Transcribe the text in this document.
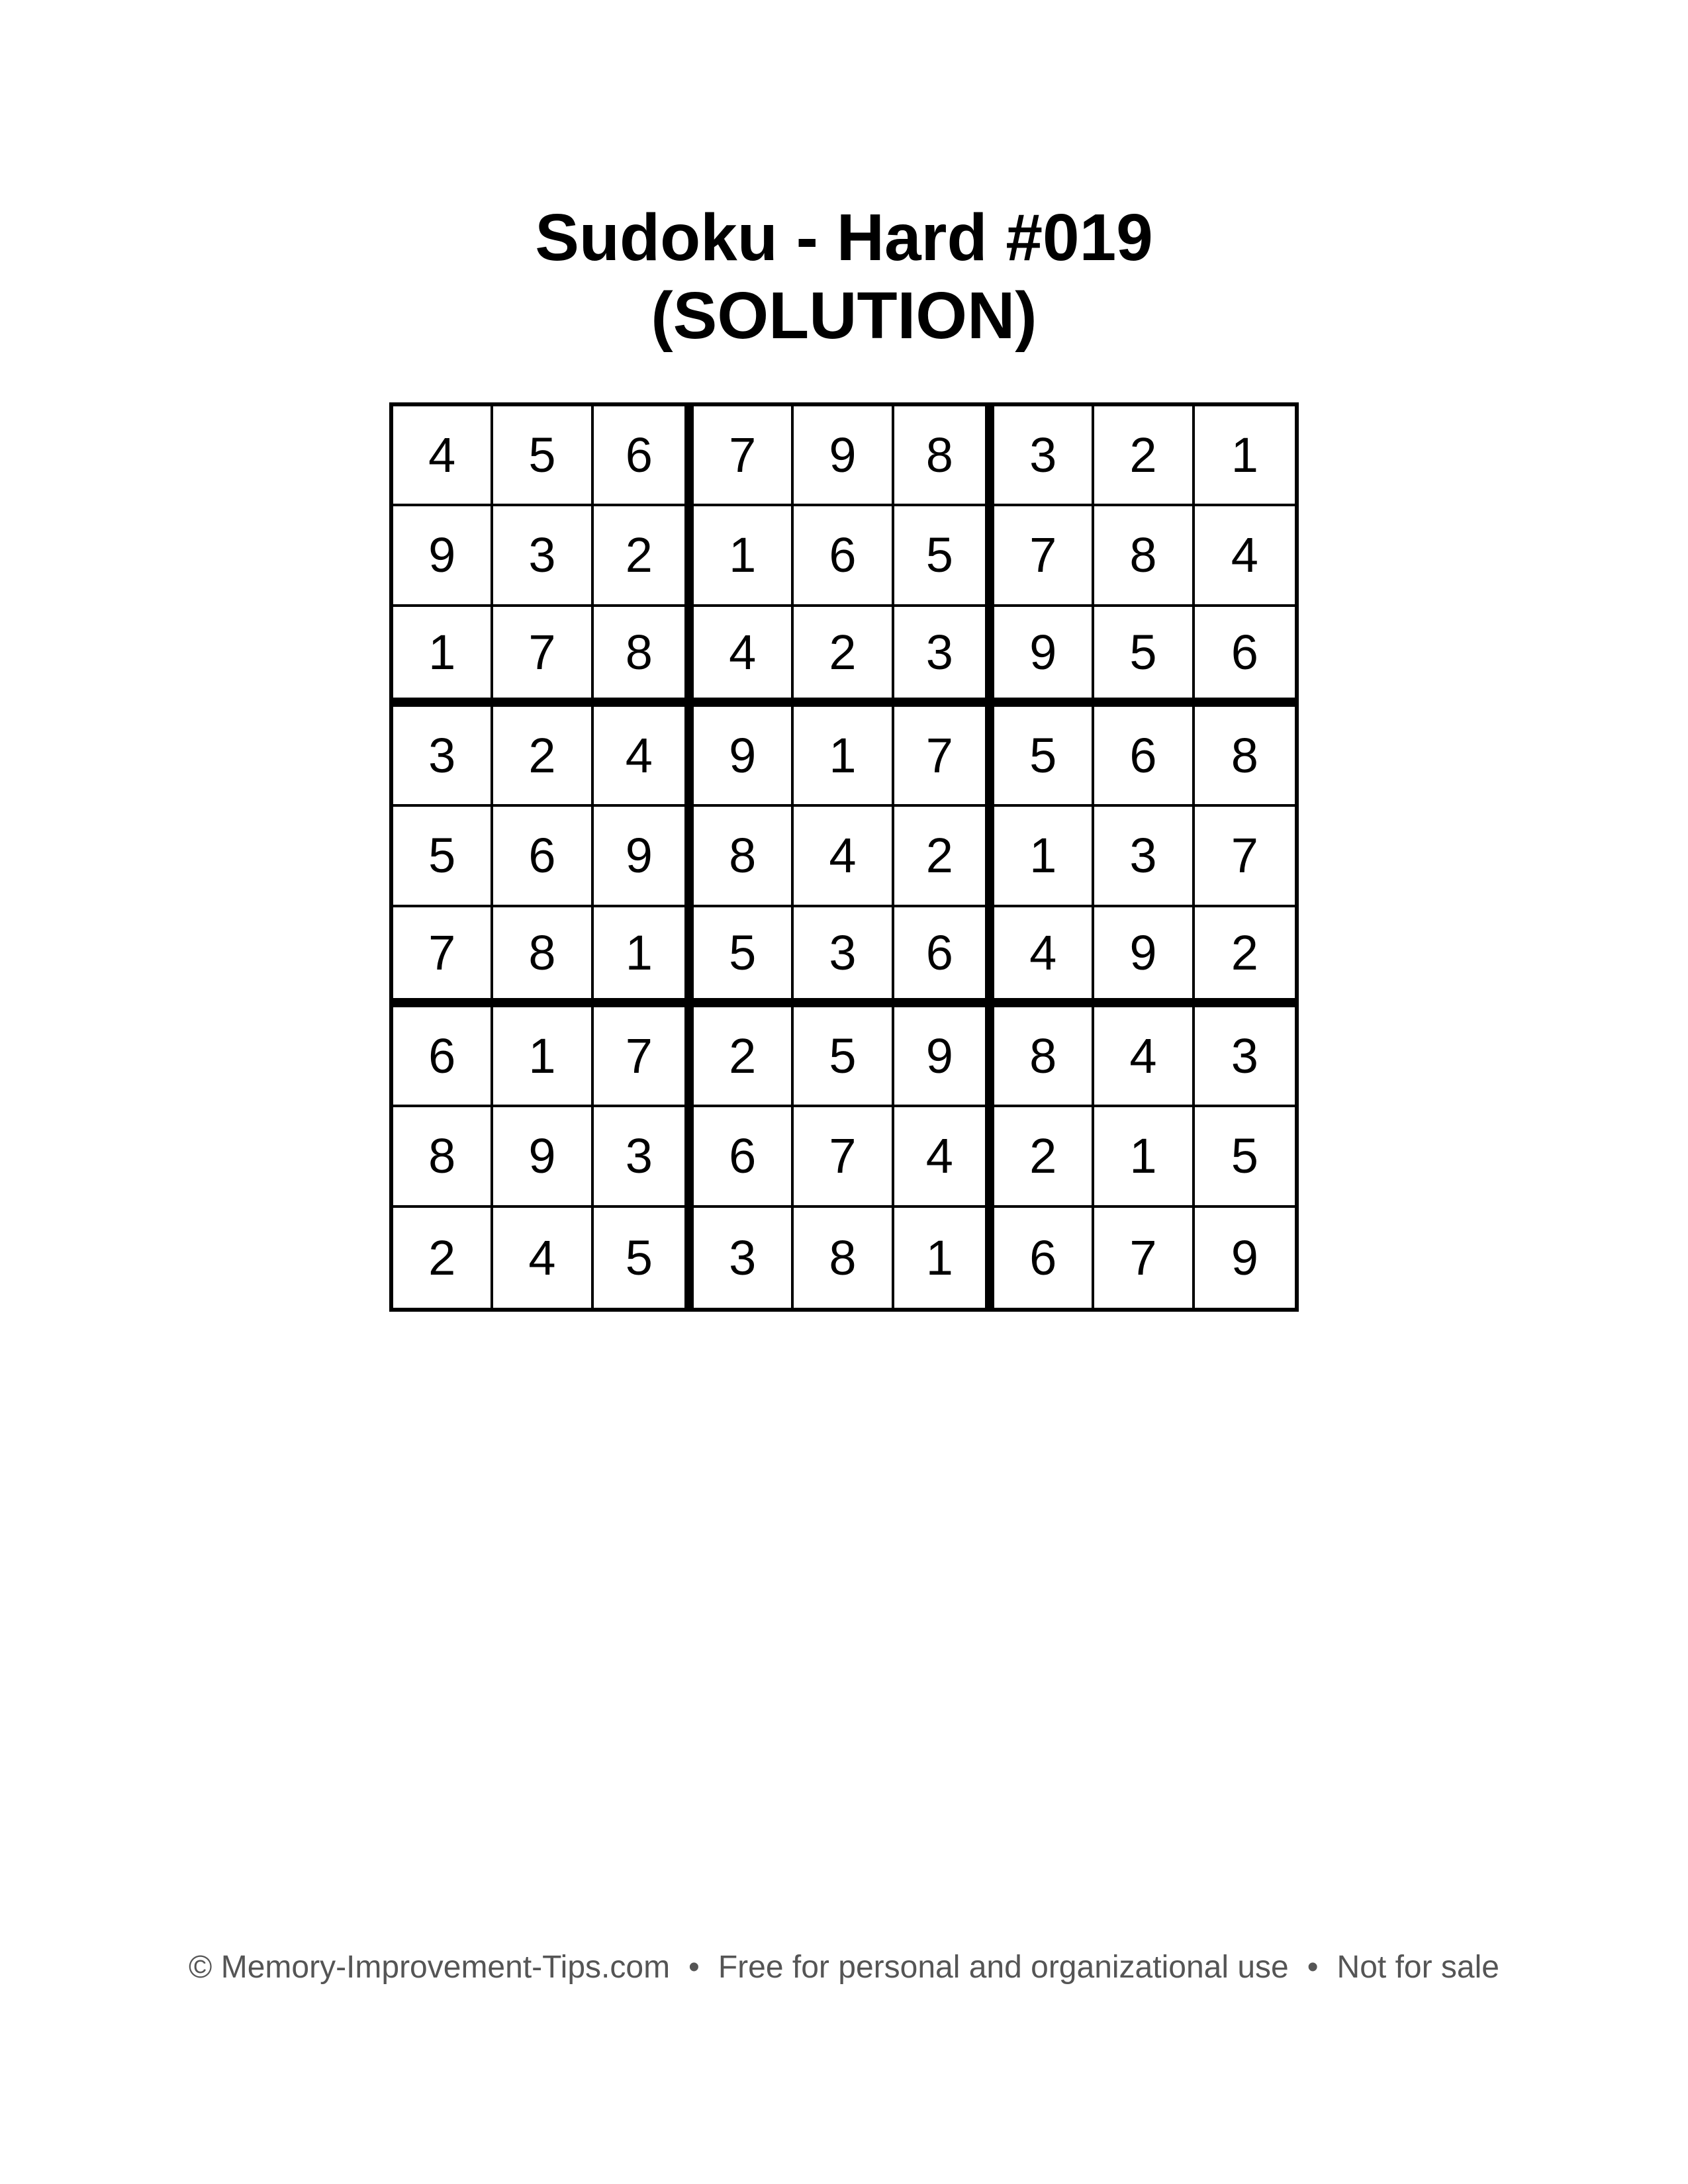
Sudoku - Hard #019
(SOLUTION)
4	5	6	7	9	8	3	2	1
9	3	2	1	6	5	7	8	4
1	7	8	4	2	3	9	5	6
3	2	4	9	1	7	5	6	8
5	6	9	8	4	2	1	3	7
7	8	1	5	3	6	4	9	2
6	1	7	2	5	9	8	4	3
8	9	3	6	7	4	2	1	5
2	4	5	3	8	1	6	7	9
© Memory-Improvement-Tips.com • Free for personal and organizational use • Not for sale
